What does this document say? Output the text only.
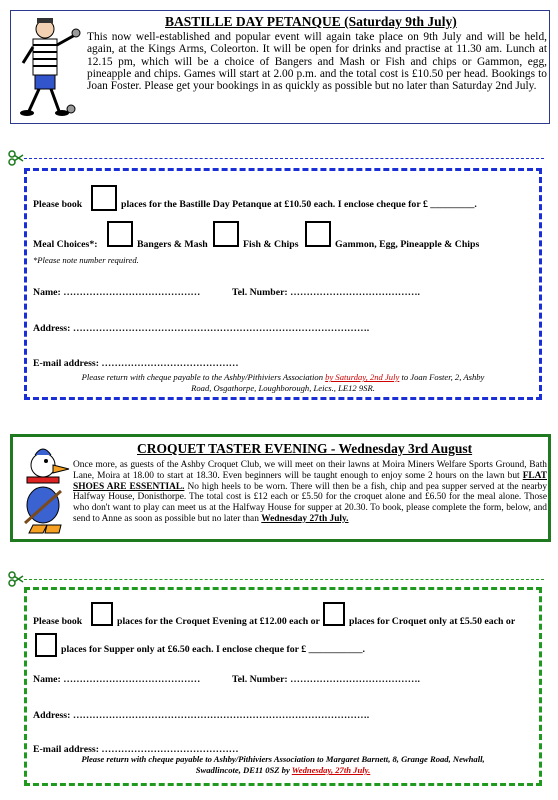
BASTILLE DAY PETANQUE (Saturday 9th July)
This now well-established and popular event will again take place on 9th July and will be held, again, at the Kings Arms, Coleorton. It will be open for drinks and practise at 11.30 am. Lunch at 12.15 pm, which will be a choice of Bangers and Mash or Fish and chips or Gammon, egg, pineapple and chips. Games will start at 2.00 p.m. and the total cost is £10.50 per head. Bookings to Joan Foster. Please get your bookings in as quickly as possible but no later than Saturday 2nd July.
Please book	places for the Bastille Day Petanque at £10.50 each. I enclose cheque for £ _________.
Meal Choices*:	Bangers & Mash	Fish & Chips	Gammon, Egg, Pineapple & Chips
*Please note number required.
Name: ……………………………………	Tel. Number: ………………………………….
Address: ……………………………………………………………………………….
E-mail address: ……………………………………
Please return with cheque payable to the Ashby/Pithiviers Association by Saturday, 2nd July to Joan Foster, 2, Ashby
Road, Osgathorpe, Loughborough, Leics., LE12 9SR.
CROQUET TASTER EVENING - Wednesday 3rd August
Once more, as guests of the Ashby Croquet Club, we will meet on their lawns at Moira Miners Welfare Sports Ground, Bath Lane, Moira at 18.00 to start at 18.30. Even beginners will be taught enough to enjoy some 2 hours on the lawn but FLAT SHOES ARE ESSENTIAL. No high heels to be worn. There will then be a fish, chip and pea supper served at the nearby Halfway House, Donisthorpe. The total cost is £12 each or £5.50 for the croquet alone and £6.50 for the meal alone. Those who don't want to play can meet us at the Halfway House for supper at 20.30. To book, please complete the form, below, and send to Anne as soon as possible but no later than Wednesday 27th July.
Please book	places for the Croquet Evening at £12.00 each or	places for Croquet only at £5.50 each or
places for Supper only at £6.50 each. I enclose cheque for £ ___________.
Name: ……………………………………	Tel. Number: ………………………………….
Address: ……………………………………………………………………………….
E-mail address: ……………………………………
Please return with cheque payable to Ashby/Pithiviers Association to Margaret Barnett, 8, Grange Road, Newhall,
Swadlincote, DE11 0SZ by Wednesday, 27th July.
